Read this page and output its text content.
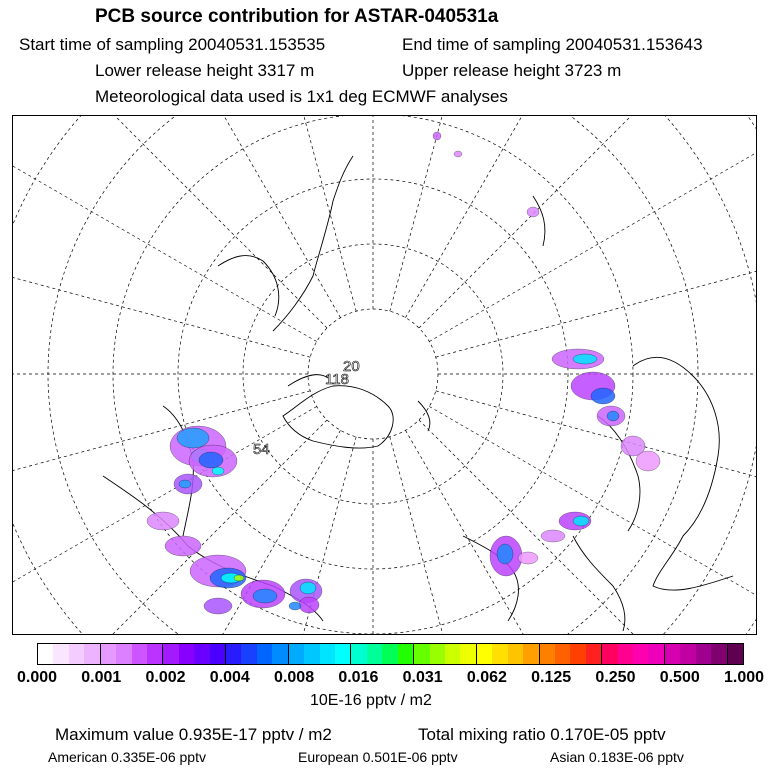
PCB source contribution for ASTAR-040531a
Start time of sampling 20040531.153535	End time of sampling 20040531.153643
Lower release height 3317 m	Upper release height 3723 m
Meteorological data used is 1x1 deg ECMWF analyses
20
118
54
0.000 0.001 0.002 0.004 0.008 0.016 0.031 0.062 0.125 0.250 0.500 1.000
10E-16 pptv / m2
Maximum value 0.935E-17 pptv / m2	Total mixing ratio 0.170E-05 pptv
American 0.335E-06 pptv	European 0.501E-06 pptv	Asian 0.183E-06 pptv
